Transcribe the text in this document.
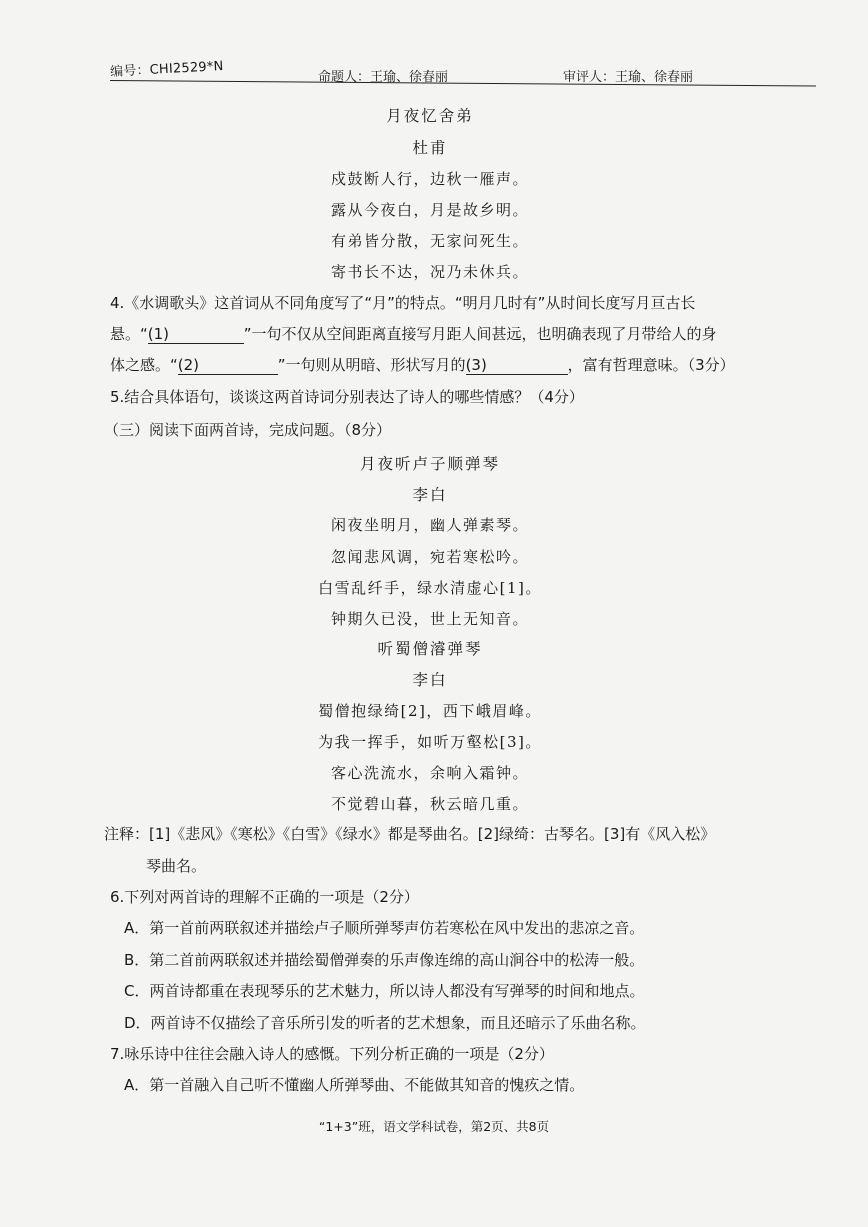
编号：CHI2529*N	命题人：王瑜、徐春丽	审评人：王瑜、徐春丽
月夜忆舍弟
杜甫
戍鼓断人行，边秋一雁声。
露从今夜白，月是故乡明。
有弟皆分散，无家问死生。
寄书长不达，况乃未休兵。
4.《水调歌头》这首词从不同角度写了“月”的特点。“明月几时有”从时间长度写月亘古长
悬。“(1)	”一句不仅从空间距离直接写月距人间甚远，也明确表现了月带给人的身
体之感。“(2)	”一句则从明暗、形状写月的(3)	，富有哲理意味。（3分）
5.结合具体语句，谈谈这两首诗词分别表达了诗人的哪些情感？（4分）
（三）阅读下面两首诗，完成问题。（8分）
月夜听卢子顺弹琴
李白
闲夜坐明月，幽人弹素琴。
忽闻悲风调，宛若寒松吟。
白雪乱纤手，绿水清虚心[1]。
钟期久已没，世上无知音。
听蜀僧濬弹琴
李白
蜀僧抱绿绮[2]，西下峨眉峰。
为我一挥手，如听万壑松[3]。
客心洗流水，余响入霜钟。
不觉碧山暮，秋云暗几重。
注释：[1]《悲风》《寒松》《白雪》《绿水》都是琴曲名。[2]绿绮：古琴名。[3]有《风入松》
琴曲名。
6.下列对两首诗的理解不正确的一项是（2分）
A．第一首前两联叙述并描绘卢子顺所弹琴声仿若寒松在风中发出的悲凉之音。
B．第二首前两联叙述并描绘蜀僧弹奏的乐声像连绵的高山涧谷中的松涛一般。
C．两首诗都重在表现琴乐的艺术魅力，所以诗人都没有写弹琴的时间和地点。
D．两首诗不仅描绘了音乐所引发的听者的艺术想象，而且还暗示了乐曲名称。
7.咏乐诗中往往会融入诗人的感慨。下列分析正确的一项是（2分）
A．第一首融入自己听不懂幽人所弹琴曲、不能做其知音的愧疚之情。
“1+3”班，语文学科试卷，第2页、共8页
